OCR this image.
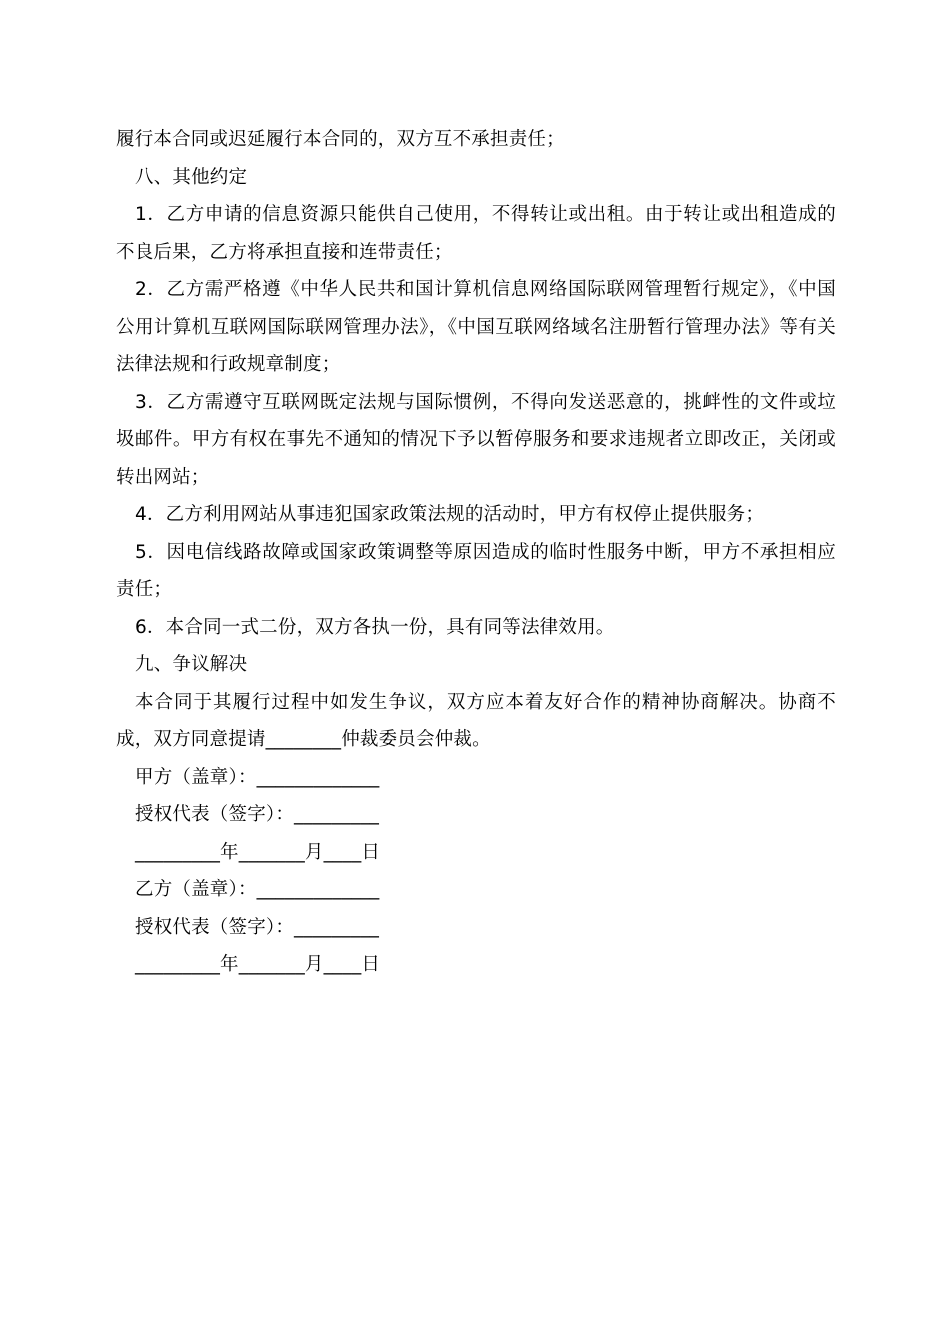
履行本合同或迟延履行本合同的，双方互不承担责任；

八、其他约定

1．乙方申请的信息资源只能供自己使用，不得转让或出租。由于转让或出租造成的不良后果，乙方将承担直接和连带责任；

2．乙方需严格遵《中华人民共和国计算机信息网络国际联网管理暂行规定》，《中国公用计算机互联网国际联网管理办法》，《中国互联网络域名注册暂行管理办法》等有关法律法规和行政规章制度；

3．乙方需遵守互联网既定法规与国际惯例，不得向发送恶意的，挑衅性的文件或垃圾邮件。甲方有权在事先不通知的情况下予以暂停服务和要求违规者立即改正，关闭或转出网站；

4．乙方利用网站从事违犯国家政策法规的活动时，甲方有权停止提供服务；

5．因电信线路故障或国家政策调整等原因造成的临时性服务中断，甲方不承担相应责任；

6．本合同一式二份，双方各执一份，具有同等法律效用。

九、争议解决

本合同于其履行过程中如发生争议，双方应本着友好合作的精神协商解决。协商不成，双方同意提请________仲裁委员会仲裁。

甲方（盖章）：_____________

授权代表（签字）：_________

_________年_______月____日

乙方（盖章）：_____________

授权代表（签字）：_________

_________年_______月____日
